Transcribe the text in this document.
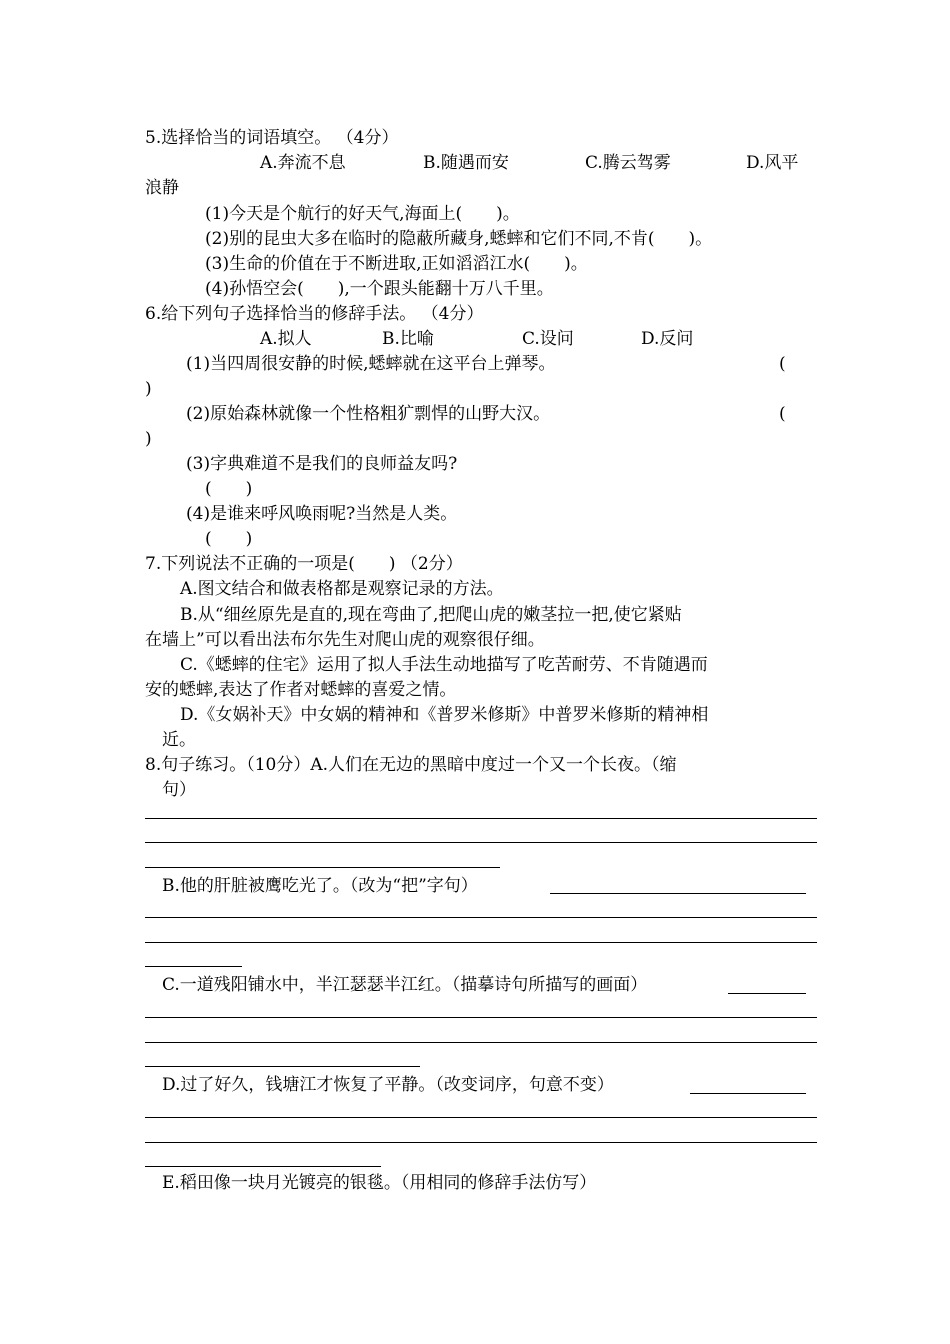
5.选择恰当的词语填空。 （4分）
A.奔流不息	B.随遇而安	C.腾云驾雾	D.风平
浪静
(1)今天是个航行的好天气,海面上(　　)。
(2)别的昆虫大多在临时的隐蔽所藏身,蟋蟀和它们不同,不肯(　　)。
(3)生命的价值在于不断进取,正如滔滔江水(　　)。
(4)孙悟空会(　　),一个跟头能翻十万八千里。
6.给下列句子选择恰当的修辞手法。 （4分）
A.拟人	B.比喻	C.设问	D.反问
(1)当四周很安静的时候,蟋蟀就在这平台上弹琴。	(
)
(2)原始森林就像一个性格粗犷剽悍的山野大汉。	(
)
(3)字典难道不是我们的良师益友吗?
(　　)
(4)是谁来呼风唤雨呢?当然是人类。
(　　)
7.下列说法不正确的一项是(　　) （2分）
A.图文结合和做表格都是观察记录的方法。
B.从“细丝原先是直的,现在弯曲了,把爬山虎的嫩茎拉一把,使它紧贴
在墙上”可以看出法布尔先生对爬山虎的观察很仔细。
C.《蟋蟀的住宅》运用了拟人手法生动地描写了吃苦耐劳、不肯随遇而
安的蟋蟀,表达了作者对蟋蟀的喜爱之情。
D.《女娲补天》中女娲的精神和《普罗米修斯》中普罗米修斯的精神相
近。
8.句子练习。（10分）A.人们在无边的黑暗中度过一个又一个长夜。（缩
句）
B.他的肝脏被鹰吃光了。（改为“把”字句）
C.一道残阳铺水中，半江瑟瑟半江红。（描摹诗句所描写的画面）
D.过了好久，钱塘江才恢复了平静。（改变词序，句意不变）
E.稻田像一块月光镀亮的银毯。（用相同的修辞手法仿写）
